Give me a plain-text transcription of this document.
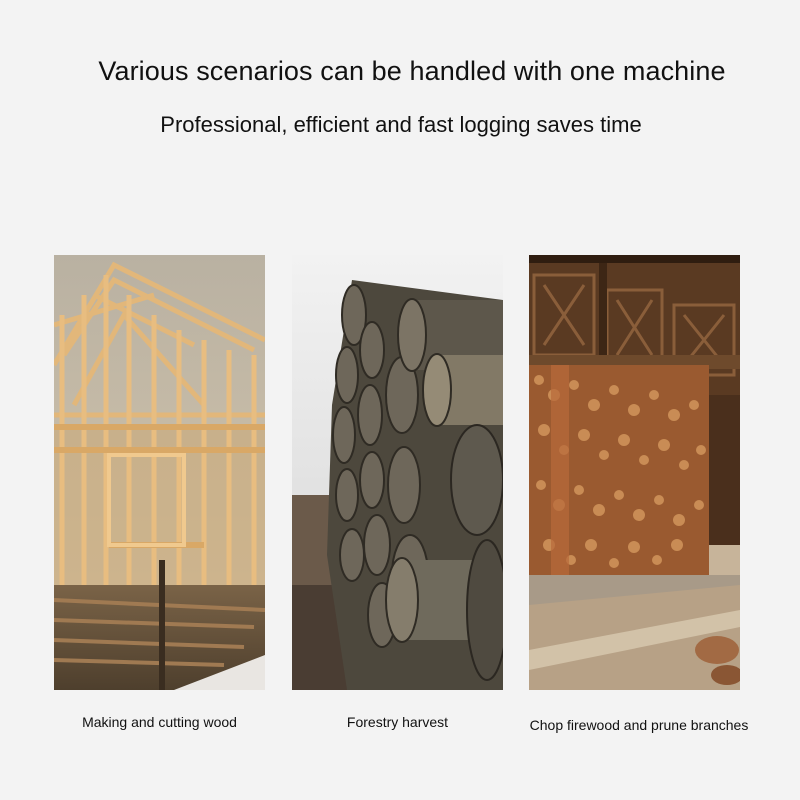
Various scenarios can be handled with one machine
Professional, efficient and fast logging saves time
Making and cutting wood	Forestry harvest	Chop firewood and prune branches
